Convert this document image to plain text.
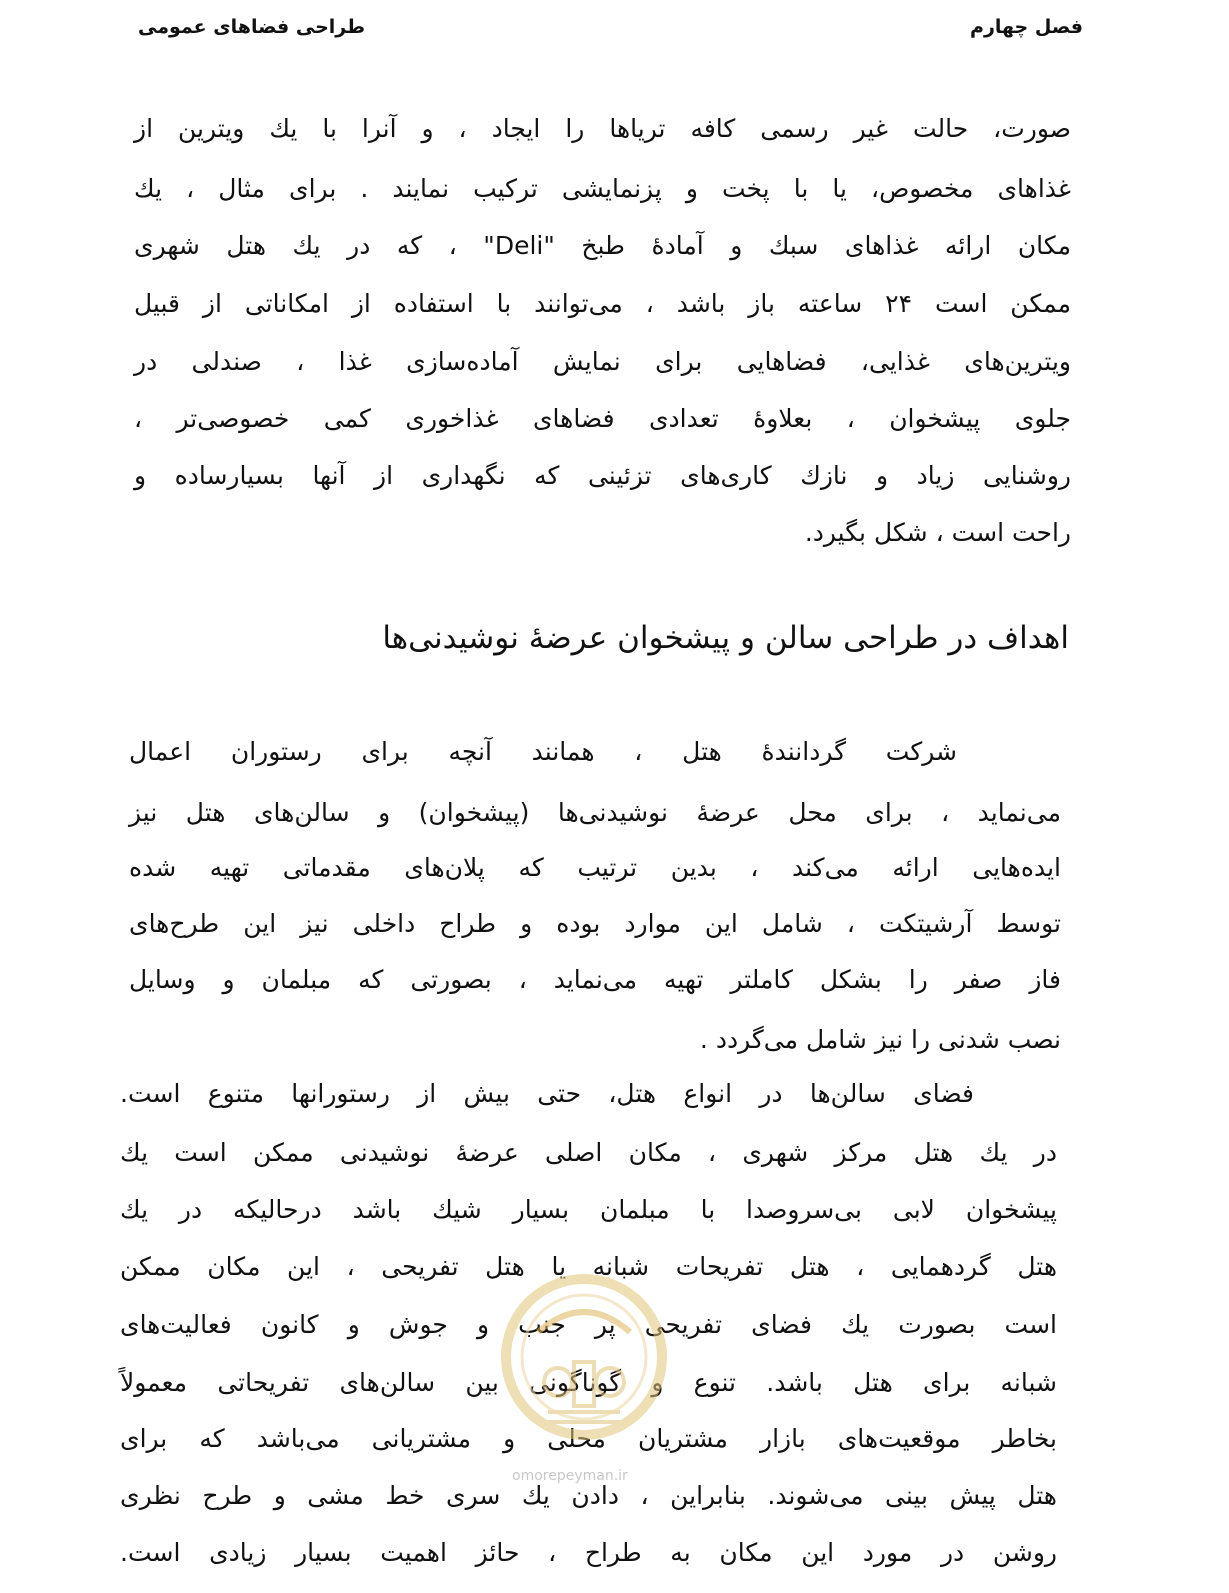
فصل چهارم
طراحی فضاهای عمومی
صورت، حالت غیر رسمی کافه تریاها را ایجاد ، و آنرا با یك ویترین از
غذاهای مخصوص، یا با پخت و پزنمایشی ترکیب نمایند . برای مثال ، یك
مکان ارائه غذاهای سبك و آمادهٔ طبخ "Deli" ، که در یك هتل شهری
ممکن است ۲۴ ساعته باز باشد ، می‌توانند با استفاده از امکاناتی از قبیل
ویترین‌های غذایی، فضاهایی برای نمایش آماده‌سازی غذا ، صندلی در
جلوی پیشخوان ، بعلاوهٔ تعدادی فضاهای غذاخوری کمی خصوصی‌تر ،
روشنایی زیاد و نازك کاری‌های تزئینی که نگهداری از آنها بسیارساده و
راحت است ، شکل بگیرد.
اهداف در طراحی سالن و پیشخوان عرضهٔ نوشیدنی‌ها
شرکت گرداننده‌ٔ هتل ، همانند آنچه برای رستوران اعمال
می‌نماید ، برای محل عرضهٔ نوشیدنی‌ها (پیشخوان) و سالن‌های هتل نیز
ایده‌هایی ارائه می‌کند ، بدین ترتیب که پلان‌های مقدماتی تهیه شده
توسط آرشیتکت ، شامل این موارد بوده و طراح داخلی نیز این طرح‌های
فاز صفر را بشکل کاملتر تهیه می‌نماید ، بصورتی که مبلمان و وسایل
نصب شدنی را نیز شامل می‌گردد .
فضای سالن‌ها در انواع هتل، حتی بیش از رستورانها متنوع است.
در یك هتل مرکز شهری ، مکان اصلی عرضهٔ نوشیدنی ممکن است یك
پیشخوان لابی بی‌سروصدا با مبلمان بسیار شیك باشد درحالیکه در یك
هتل گردهمایی ، هتل تفریحات شبانه یا هتل تفریحی ، این مکان ممکن
است بصورت یك فضای تفریحی پر جنب و جوش و کانون فعالیت‌های
شبانه برای هتل باشد. تنوع و گوناگونی بین سالن‌های تفریحاتی معمولاً
بخاطر موقعیت‌های بازار مشتریان محلی و مشتریانی می‌باشد که برای
هتل پیش بینی می‌شوند. بنابراین ، دادن یك سری خط مشی و طرح نظری
روشن در مورد این مکان به طراح ، حائز اهمیت بسیار زیادی است.
omorepeyman.ir
